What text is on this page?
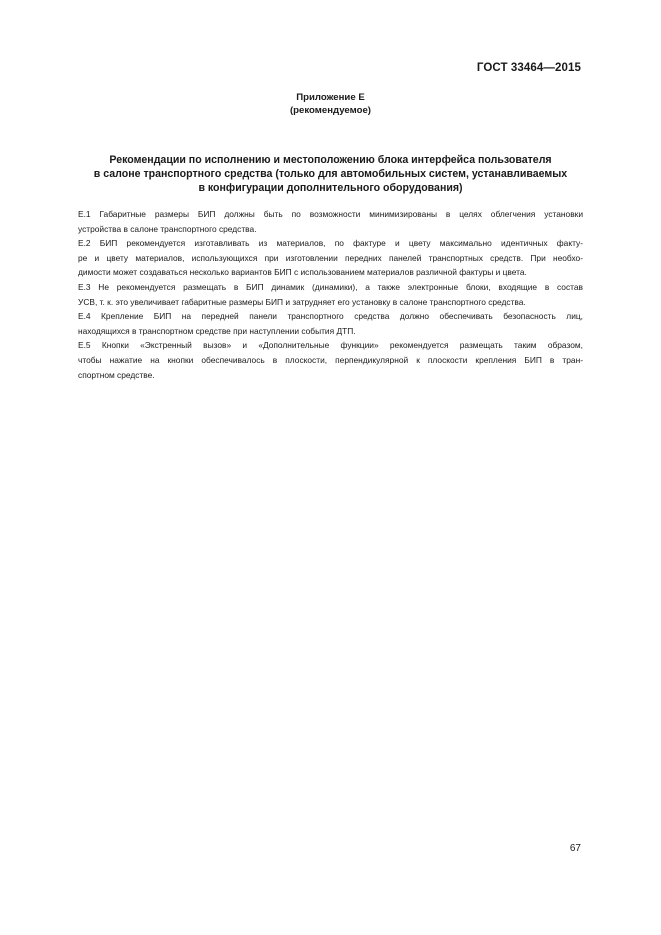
ГОСТ 33464—2015
Приложение Е
(рекомендуемое)
Рекомендации по исполнению и местоположению блока интерфейса пользователя
в салоне транспортного средства (только для автомобильных систем, устанавливаемых
в конфигурации дополнительного оборудования)
Е.1 Габаритные размеры БИП должны быть по возможности минимизированы в целях облегчения установки
устройства в салоне транспортного средства.
Е.2 БИП рекомендуется изготавливать из материалов, по фактуре и цвету максимально идентичных факту-
ре и цвету материалов, использующихся при изготовлении передних панелей транспортных средств. При необхо-
димости может создаваться несколько вариантов БИП с использованием материалов различной фактуры и цвета.
Е.3 Не рекомендуется размещать в БИП динамик (динамики), а также электронные блоки, входящие в состав
УСВ, т. к. это увеличивает габаритные размеры БИП и затрудняет его установку в салоне транспортного средства.
Е.4 Крепление БИП на передней панели транспортного средства должно обеспечивать безопасность лиц,
находящихся в транспортном средстве при наступлении события ДТП.
Е.5 Кнопки «Экстренный вызов» и «Дополнительные функции» рекомендуется размещать таким образом,
чтобы нажатие на кнопки обеспечивалось в плоскости, перпендикулярной к плоскости крепления БИП в тран-
спортном средстве.
67
